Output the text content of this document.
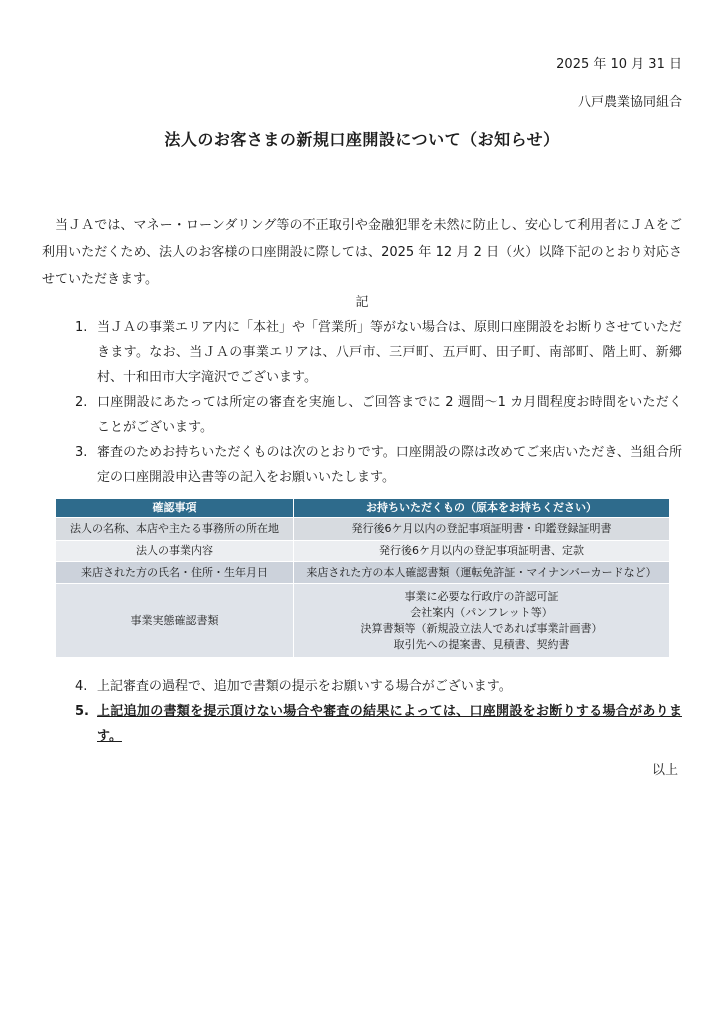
2025 年 10 月 31 日
八戸農業協同組合
法人のお客さまの新規口座開設について（お知らせ）

当ＪＡでは、マネー・ローンダリング等の不正取引や金融犯罪を未然に防止し、安心して利用者にＪＡをご利用いただくため、法人のお客様の口座開設に際しては、2025 年 12 月 2 日（火）以降下記のとおり対応させていただきます。

記
1. 当ＪＡの事業エリア内に「本社」や「営業所」等がない場合は、原則口座開設をお断りさせていただきます。なお、当ＪＡの事業エリアは、八戸市、三戸町、五戸町、田子町、南部町、階上町、新郷村、十和田市大字滝沢でございます。
2. 口座開設にあたっては所定の審査を実施し、ご回答までに 2 週間～1 カ月間程度お時間をいただくことがございます。
3. 審査のためお持ちいただくものは次のとおりです。口座開設の際は改めてご来店いただき、当組合所定の口座開設申込書等の記入をお願いいたします。
確認事項	お持ちいただくもの（原本をお持ちください）
法人の名称、本店や主たる事務所の所在地	発行後6ケ月以内の登記事項証明書・印鑑登録証明書
法人の事業内容	発行後6ケ月以内の登記事項証明書、定款
来店された方の氏名・住所・生年月日	来店された方の本人確認書類（運転免許証・マイナンバーカードなど）
事業実態確認書類	事業に必要な行政庁の許認可証
会社案内（パンフレット等）
決算書類等（新規設立法人であれば事業計画書）
取引先への提案書、見積書、契約書
4. 上記審査の過程で、追加で書類の提示をお願いする場合がございます。
5. 上記追加の書類を提示頂けない場合や審査の結果によっては、口座開設をお断りする場合があります。
以上
